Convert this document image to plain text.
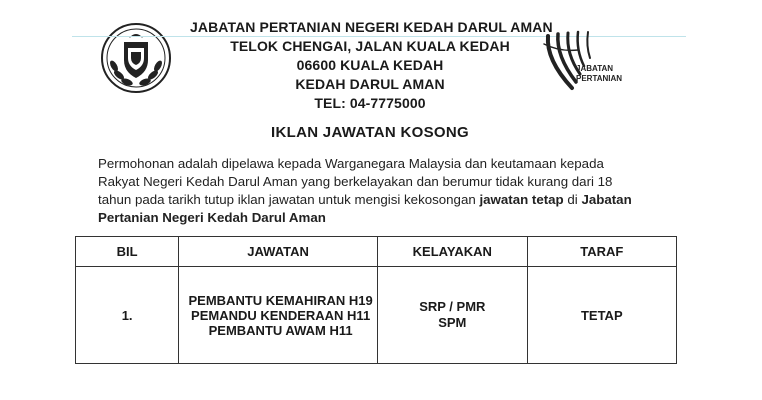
JABATAN PERTANIAN NEGERI KEDAH DARUL AMAN
TELOK CHENGAI, JALAN KUALA KEDAH
06600 KUALA KEDAH
KEDAH DARUL AMAN
TEL: 04-7775000
JABATAN
PERTANIAN
IKLAN JAWATAN KOSONG
Permohonan adalah dipelawa kepada Warganegara Malaysia dan keutamaan kepada Rakyat Negeri Kedah Darul Aman yang berkelayakan dan berumur tidak kurang dari 18 tahun pada tarikh tutup iklan jawatan untuk mengisi kekosongan jawatan tetap di Jabatan Pertanian Negeri Kedah Darul Aman
BIL	JAWATAN	KELAYAKAN	TARAF
1.	PEMBANTU KEMAHIRAN H19
PEMANDU KENDERAAN H11
PEMBANTU AWAM H11	SRP / PMR
SPM	TETAP
